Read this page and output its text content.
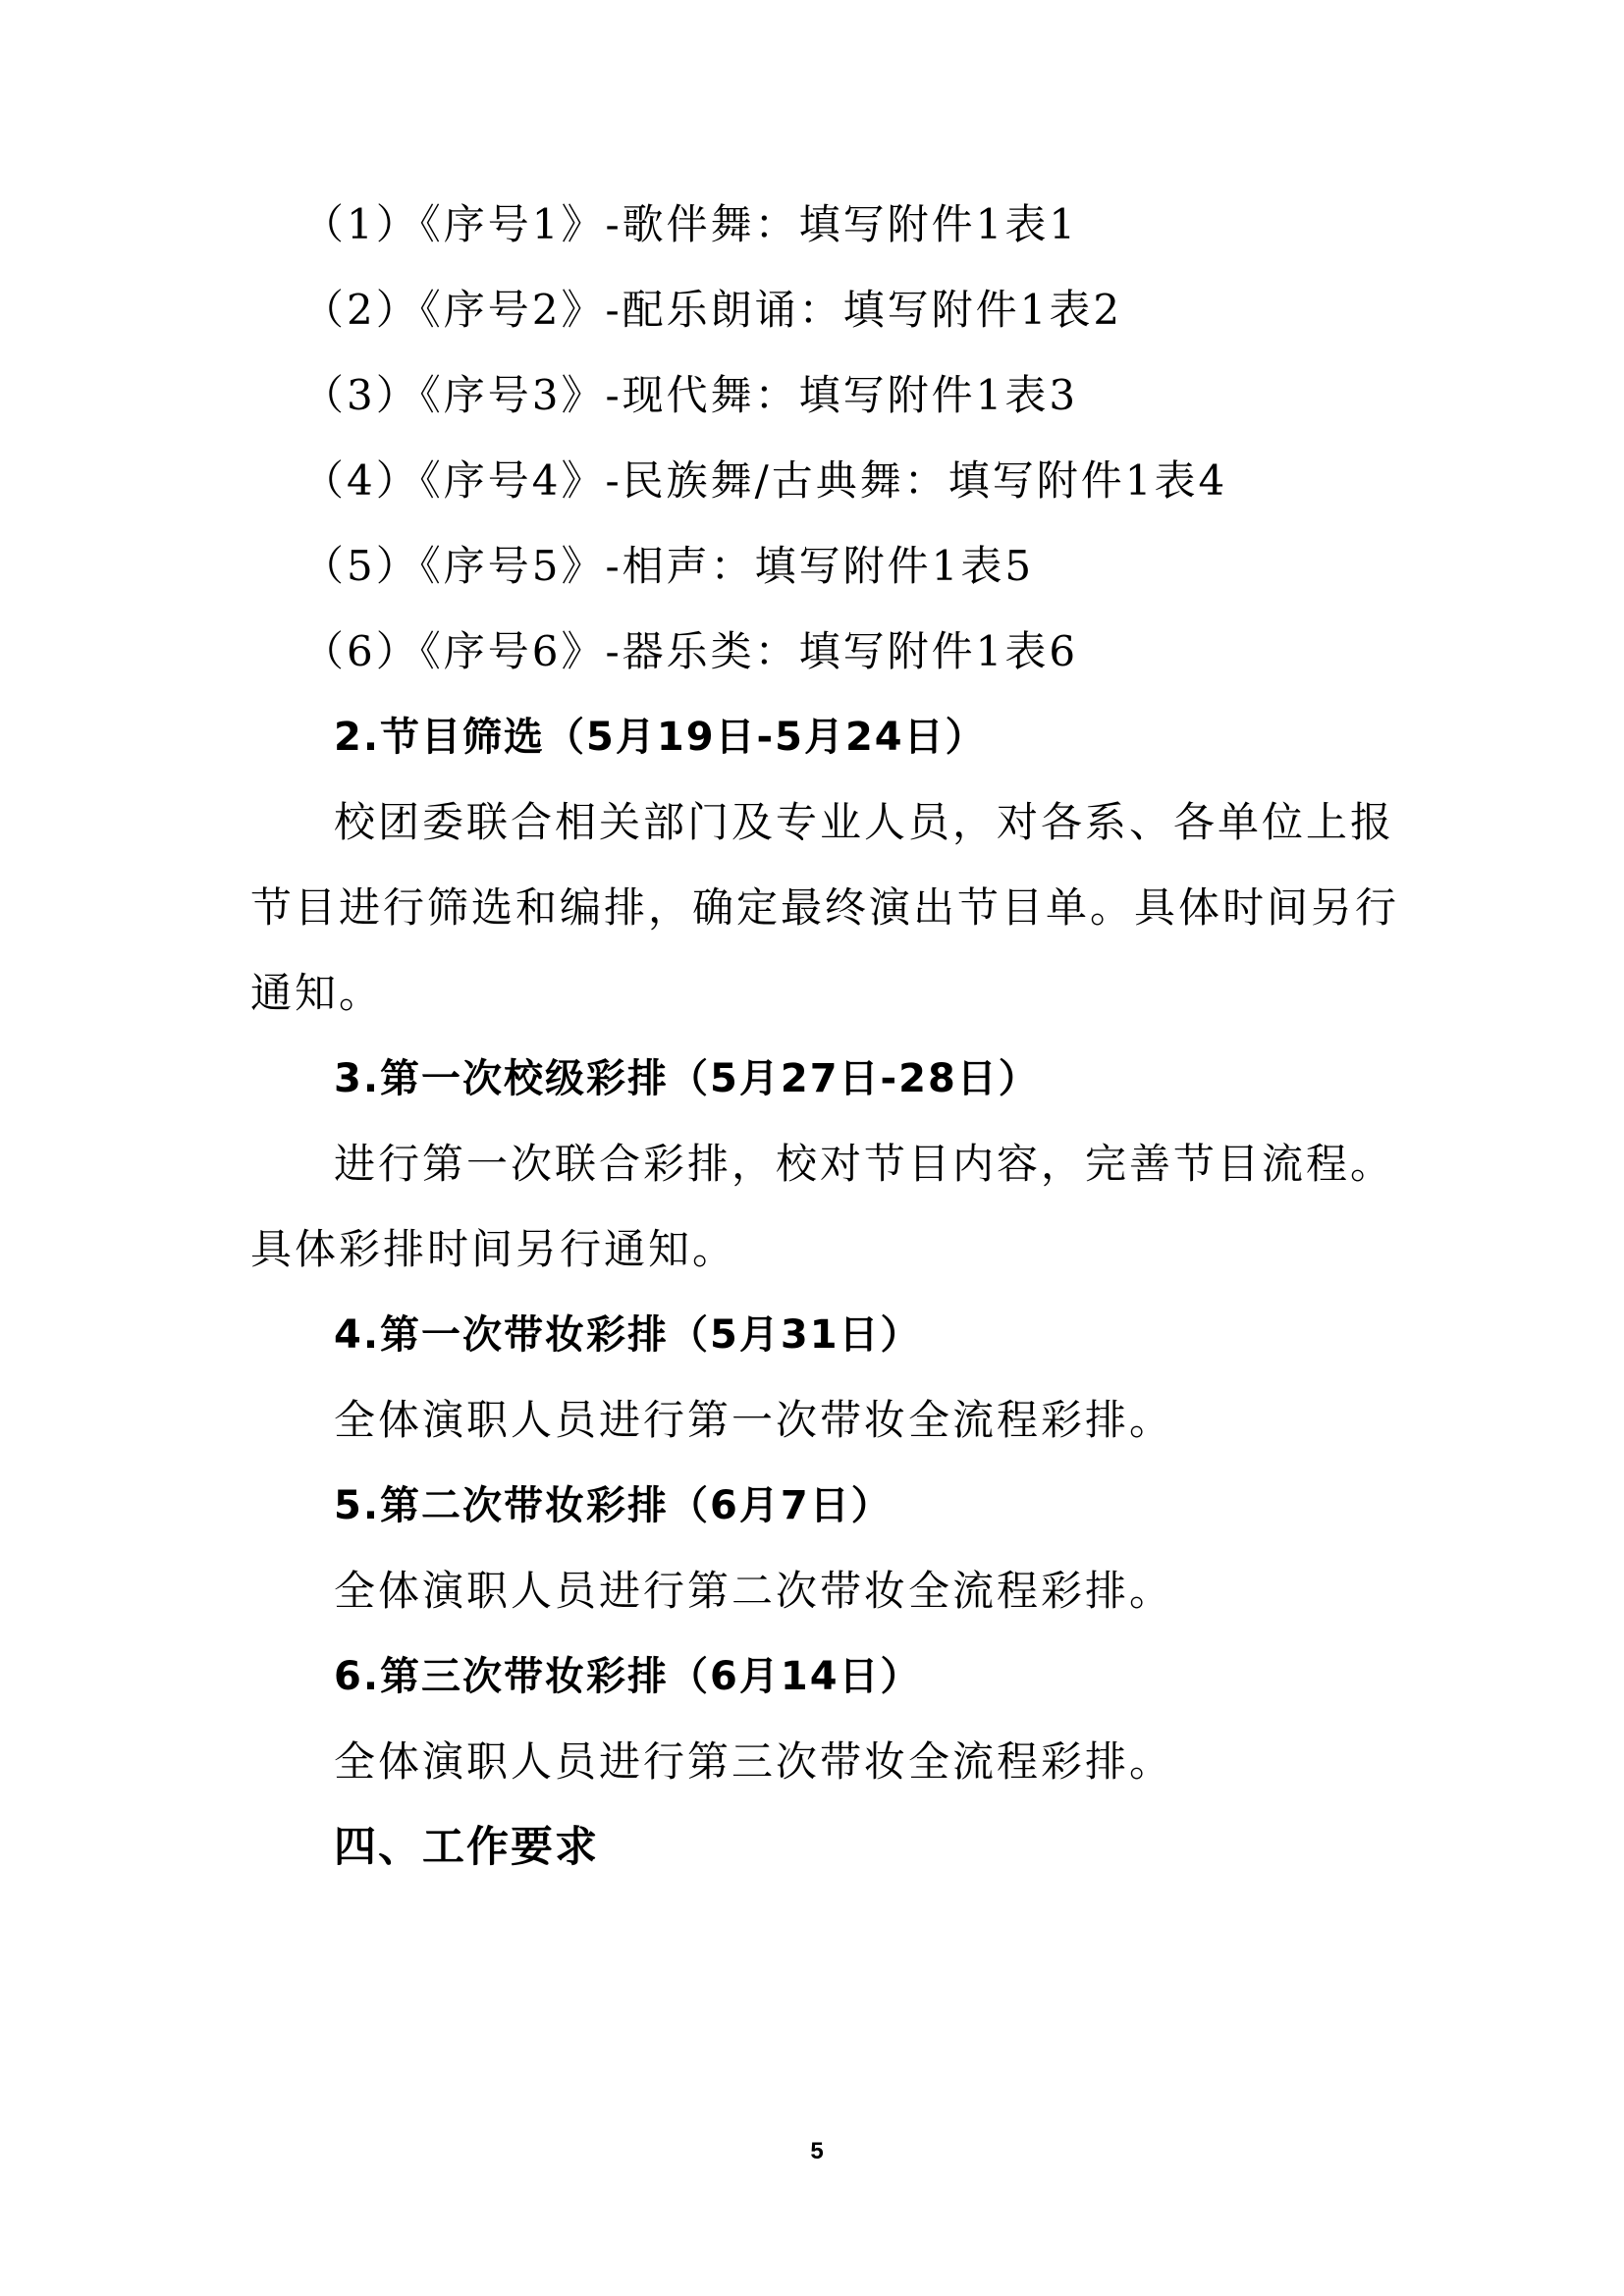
（1）《序号1》-歌伴舞：填写附件1表1
（2）《序号2》-配乐朗诵：填写附件1表2
（3）《序号3》-现代舞：填写附件1表3
（4）《序号4》-民族舞/古典舞：填写附件1表4
（5）《序号5》-相声：填写附件1表5
（6）《序号6》-器乐类：填写附件1表6
2.节目筛选（5月19日-5月24日）
校团委联合相关部门及专业人员，对各系、各单位上报
节目进行筛选和编排，确定最终演出节目单。具体时间另行
通知。
3.第一次校级彩排（5月27日-28日）
进行第一次联合彩排，校对节目内容，完善节目流程。
具体彩排时间另行通知。
4.第一次带妆彩排（5月31日）
全体演职人员进行第一次带妆全流程彩排。
5.第二次带妆彩排（6月7日）
全体演职人员进行第二次带妆全流程彩排。
6.第三次带妆彩排（6月14日）
全体演职人员进行第三次带妆全流程彩排。
四、工作要求
5
